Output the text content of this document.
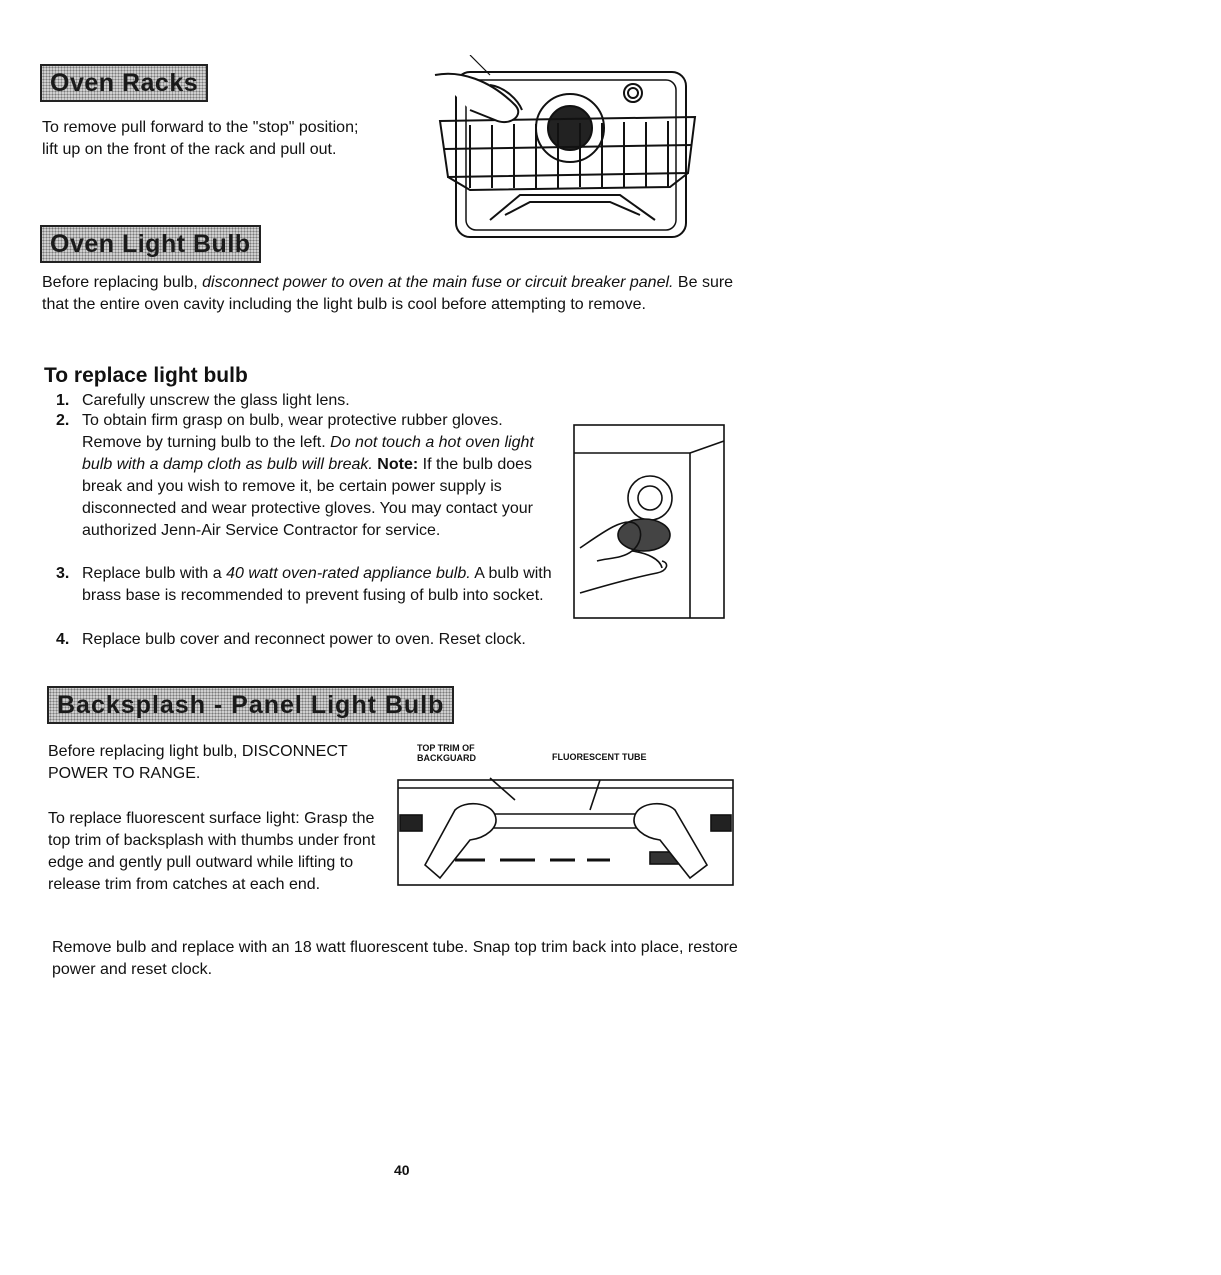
Oven Racks
To remove pull forward to the "stop" position;
lift up on the front of the rack and pull out.
Oven Light Bulb
Before replacing bulb, disconnect power to oven at the main fuse or circuit breaker panel. Be sure that the entire oven cavity including the light bulb is cool before attempting to remove.
To replace light bulb
1. Carefully unscrew the glass light lens.
2. To obtain firm grasp on bulb, wear protective rubber gloves. Remove by turning bulb to the left. Do not touch a hot oven light bulb with a damp cloth as bulb will break. Note: If the bulb does break and you wish to remove it, be certain power supply is disconnected and wear protective gloves. You may contact your authorized Jenn-Air Service Contractor for service.
3. Replace bulb with a 40 watt oven-rated appliance bulb. A bulb with brass base is recommended to prevent fusing of bulb into socket.
4. Replace bulb cover and reconnect power to oven. Reset clock.
Backsplash - Panel Light Bulb
Before replacing light bulb, DISCONNECT POWER TO RANGE.
To replace fluorescent surface light: Grasp the top trim of backsplash with thumbs under front edge and gently pull outward while lifting to release trim from catches at each end.
TOP TRIM OF
BACKGUARD	FLUORESCENT TUBE
Remove bulb and replace with an 18 watt fluorescent tube. Snap top trim back into place, restore power and reset clock.
40
